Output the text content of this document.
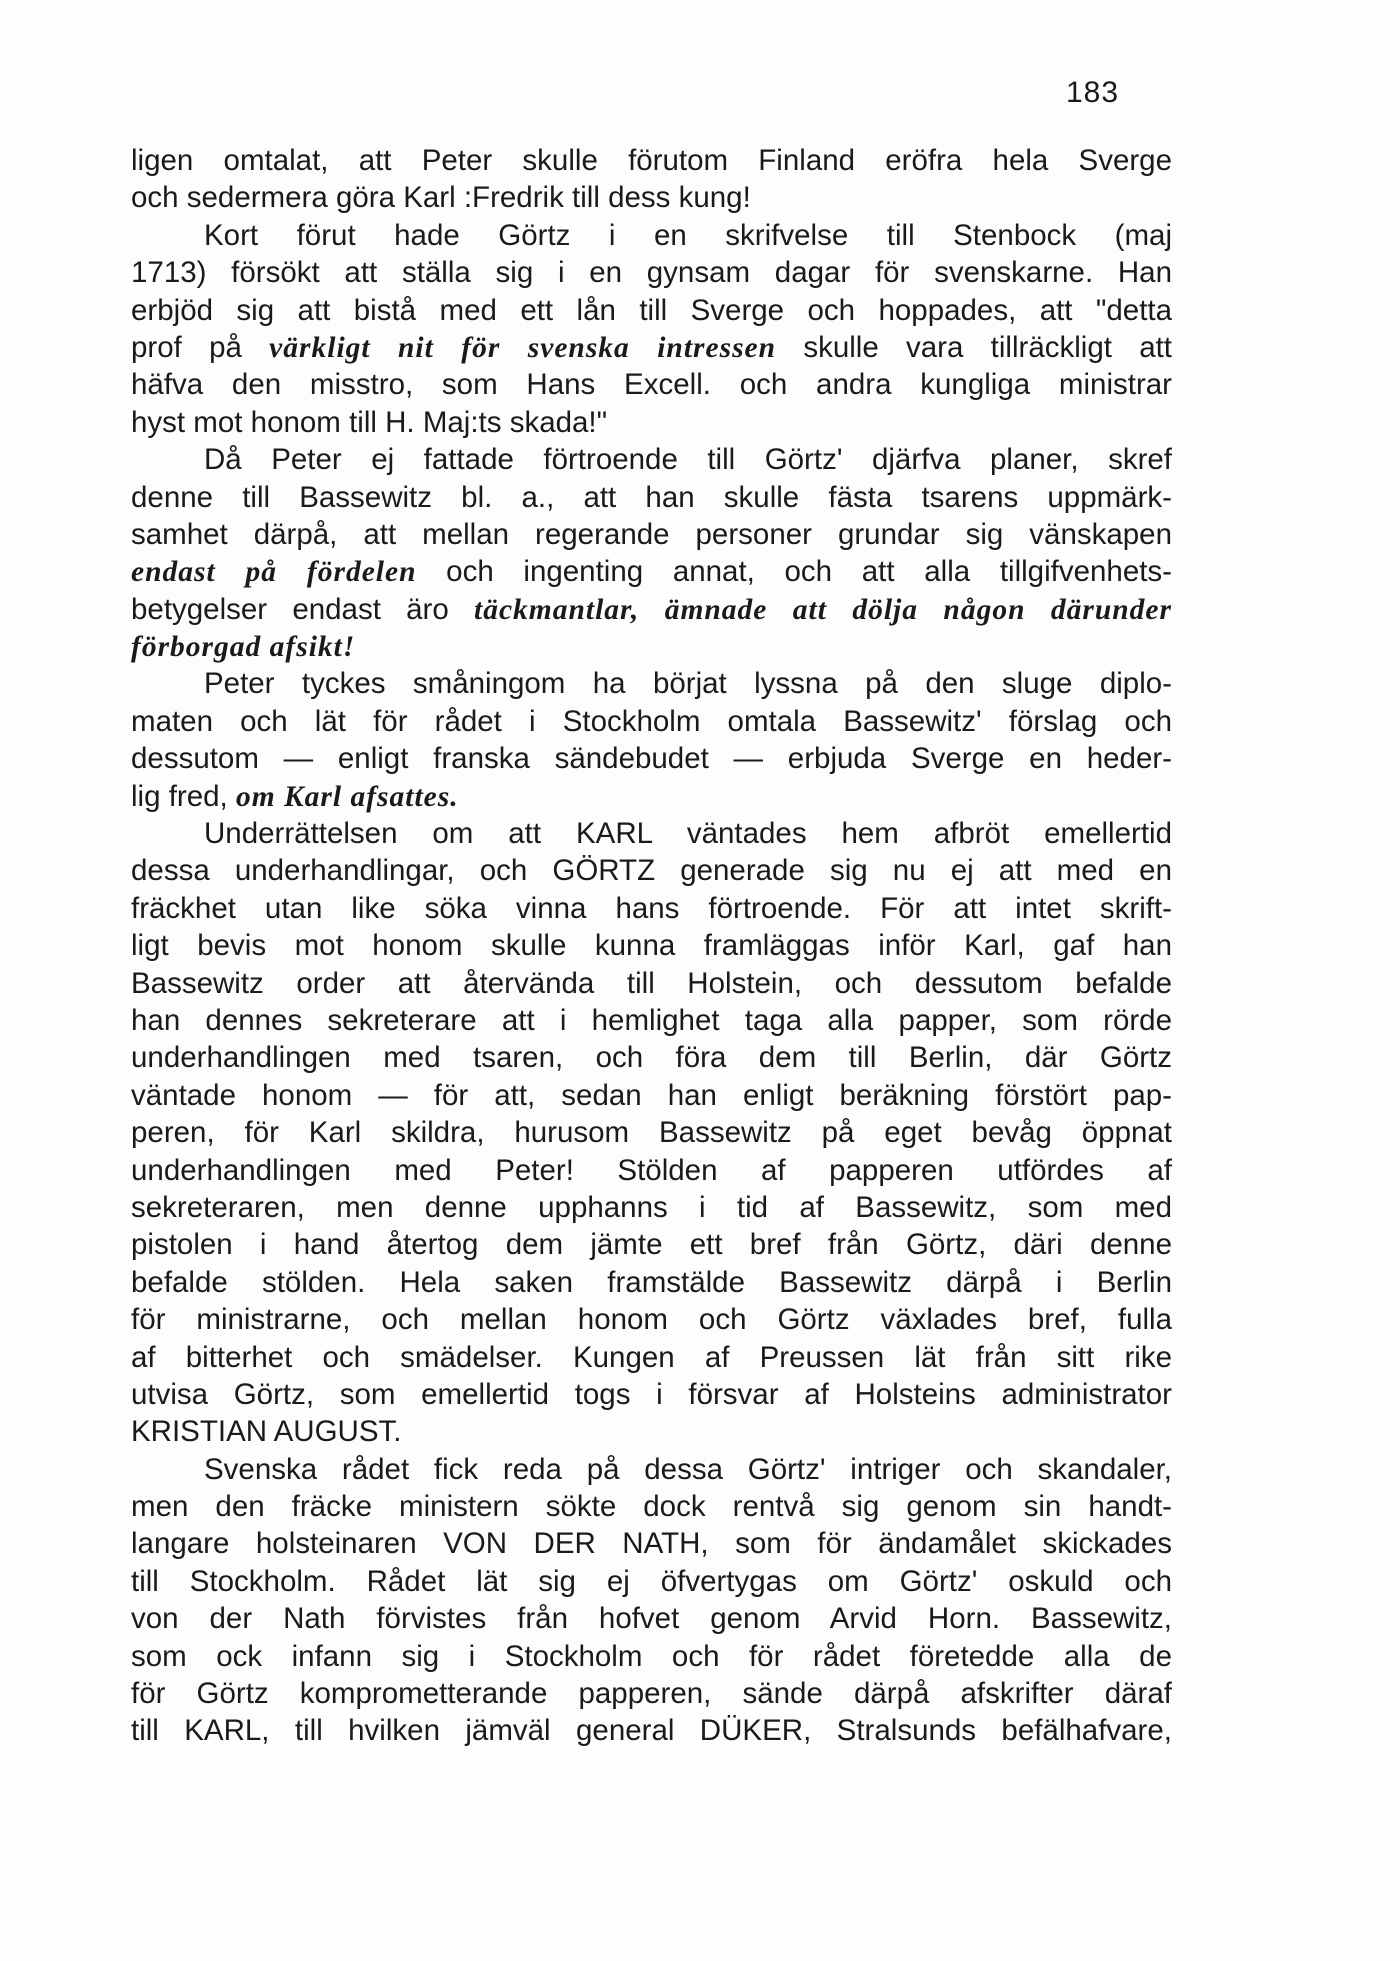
183
ligen omtalat, att Peter skulle förutom Finland eröfra hela Sverge
och sedermera göra Karl :Fredrik till dess kung!
Kort förut hade Görtz i en skrifvelse till Stenbock (maj
1713) försökt att ställa sig i en gynsam dagar för svenskarne. Han
erbjöd sig att bistå med ett lån till Sverge och hoppades, att "detta
prof på värkligt nit för svenska intressen skulle vara tillräckligt att
häfva den misstro, som Hans Excell. och andra kungliga ministrar
hyst mot honom till H. Maj:ts skada!"
Då Peter ej fattade förtroende till Görtz' djärfva planer, skref
denne till Bassewitz bl. a., att han skulle fästa tsarens uppmärk-
samhet därpå, att mellan regerande personer grundar sig vänskapen
endast på fördelen och ingenting annat, och att alla tillgifvenhets-
betygelser endast äro täckmantlar, ämnade att dölja någon därunder
förborgad afsikt!
Peter tyckes småningom ha börjat lyssna på den sluge diplo-
maten och lät för rådet i Stockholm omtala Bassewitz' förslag och
dessutom — enligt franska sändebudet — erbjuda Sverge en heder-
lig fred, om Karl afsattes.
Underrättelsen om att KARL väntades hem afbröt emellertid
dessa underhandlingar, och GÖRTZ generade sig nu ej att med en
fräckhet utan like söka vinna hans förtroende. För att intet skrift-
ligt bevis mot honom skulle kunna framläggas inför Karl, gaf han
Bassewitz order att återvända till Holstein, och dessutom befalde
han dennes sekreterare att i hemlighet taga alla papper, som rörde
underhandlingen med tsaren, och föra dem till Berlin, där Görtz
väntade honom — för att, sedan han enligt beräkning förstört pap-
peren, för Karl skildra, hurusom Bassewitz på eget bevåg öppnat
underhandlingen med Peter! Stölden af papperen utfördes af
sekreteraren, men denne upphanns i tid af Bassewitz, som med
pistolen i hand återtog dem jämte ett bref från Görtz, däri denne
befalde stölden. Hela saken framstälde Bassewitz därpå i Berlin
för ministrarne, och mellan honom och Görtz växlades bref, fulla
af bitterhet och smädelser. Kungen af Preussen lät från sitt rike
utvisa Görtz, som emellertid togs i försvar af Holsteins administrator
KRISTIAN AUGUST.
Svenska rådet fick reda på dessa Görtz' intriger och skandaler,
men den fräcke ministern sökte dock rentvå sig genom sin handt-
langare holsteinaren VON DER NATH, som för ändamålet skickades
till Stockholm. Rådet lät sig ej öfvertygas om Görtz' oskuld och
von der Nath förvistes från hofvet genom Arvid Horn. Bassewitz,
som ock infann sig i Stockholm och för rådet företedde alla de
för Görtz komprometterande papperen, sände därpå afskrifter däraf
till KARL, till hvilken jämväl general DÜKER, Stralsunds befälhafvare,
